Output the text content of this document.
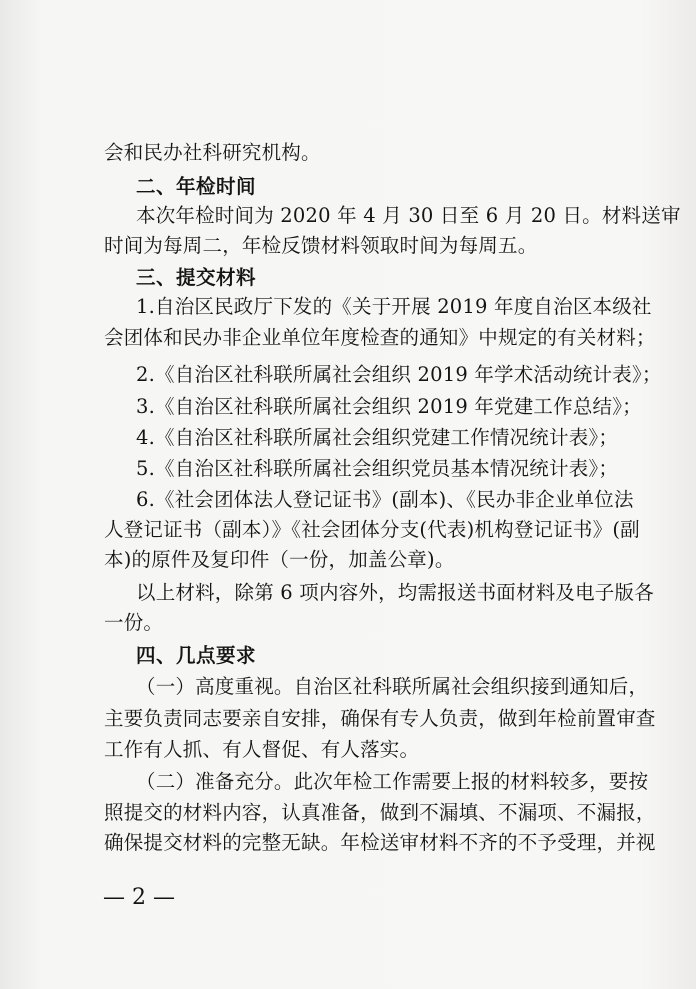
会和民办社科研究机构。
二、年检时间
本次年检时间为 2020 年 4 月 30 日至 6 月 20 日。材料送审
时间为每周二，年检反馈材料领取时间为每周五。
三、提交材料
1.自治区民政厅下发的《关于开展 2019 年度自治区本级社
会团体和民办非企业单位年度检查的通知》中规定的有关材料；
2.《自治区社科联所属社会组织 2019 年学术活动统计表》；
3.《自治区社科联所属社会组织 2019 年党建工作总结》；
4.《自治区社科联所属社会组织党建工作情况统计表》；
5.《自治区社科联所属社会组织党员基本情况统计表》；
6.《社会团体法人登记证书》(副本)、《民办非企业单位法
人登记证书（副本）》《社会团体分支(代表)机构登记证书》(副
本)的原件及复印件（一份，加盖公章)。
以上材料，除第 6 项内容外，均需报送书面材料及电子版各
一份。
四、几点要求
（一）高度重视。自治区社科联所属社会组织接到通知后，
主要负责同志要亲自安排，确保有专人负责，做到年检前置审查
工作有人抓、有人督促、有人落实。
（二）准备充分。此次年检工作需要上报的材料较多，要按
照提交的材料内容，认真准备，做到不漏填、不漏项、不漏报，
确保提交材料的完整无缺。年检送审材料不齐的不予受理，并视
— 2 —
